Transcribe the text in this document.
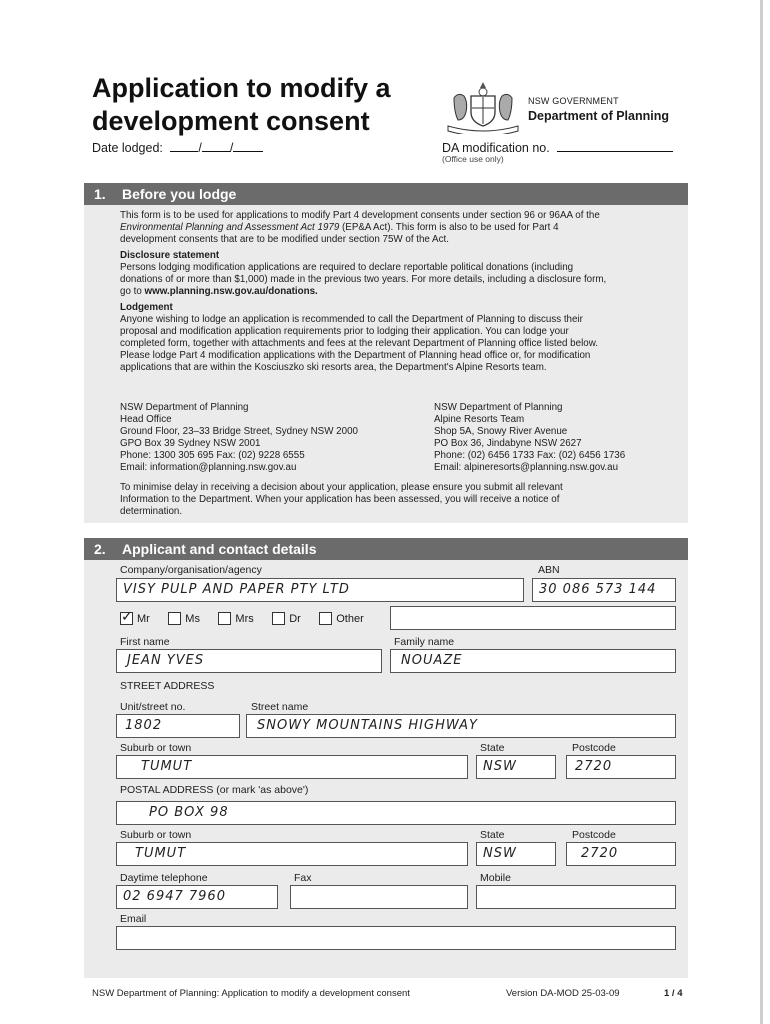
Application to modify a
development consent
Date lodged:	/ /
NSW GOVERNMENT
Department of Planning
DA modification no.
(Office use only)
1. Before you lodge
This form is to be used for applications to modify Part 4 development consents under section 96 or 96AA of the
Environmental Planning and Assessment Act 1979 (EP&A Act). This form is also to be used for Part 4
development consents that are to be modified under section 75W of the Act.
Disclosure statement
Persons lodging modification applications are required to declare reportable political donations (including
donations of or more than $1,000) made in the previous two years. For more details, including a disclosure form,
go to www.planning.nsw.gov.au/donations.
Lodgement
Anyone wishing to lodge an application is recommended to call the Department of Planning to discuss their
proposal and modification application requirements prior to lodging their application. You can lodge your
completed form, together with attachments and fees at the relevant Department of Planning office listed below.
Please lodge Part 4 modification applications with the Department of Planning head office or, for modification
applications that are within the Kosciuszko ski resorts area, the Department's Alpine Resorts team.
NSW Department of Planning
Head Office
Ground Floor, 23–33 Bridge Street, Sydney NSW 2000
GPO Box 39 Sydney NSW 2001
Phone: 1300 305 695 Fax: (02) 9228 6555
Email: information@planning.nsw.gov.au
NSW Department of Planning
Alpine Resorts Team
Shop 5A, Snowy River Avenue
PO Box 36, Jindabyne NSW 2627
Phone: (02) 6456 1733 Fax: (02) 6456 1736
Email: alpineresorts@planning.nsw.gov.au
To minimise delay in receiving a decision about your application, please ensure you submit all relevant
Information to the Department. When your application has been assessed, you will receive a notice of
determination.
2. Applicant and contact details
Company/organisation/agency	ABN
VISY PULP AND PAPER PTY LTD	30 086 573 144
✓
Mr
	Ms
	Mrs
	Dr
	Other
First name	Family name
JEAN YVES	NOUAZE
STREET ADDRESS
Unit/street no.	Street name
1802	SNOWY MOUNTAINS HIGHWAY
Suburb or town	State	Postcode
TUMUT	NSW	2720
POSTAL ADDRESS (or mark 'as above')
PO BOX 98
Suburb or town	State	Postcode
TUMUT	NSW	2720
Daytime telephone	Fax	Mobile
02 6947 7960
Email
NSW Department of Planning: Application to modify a development consent	Version DA-MOD 25-03-09	1 / 4
